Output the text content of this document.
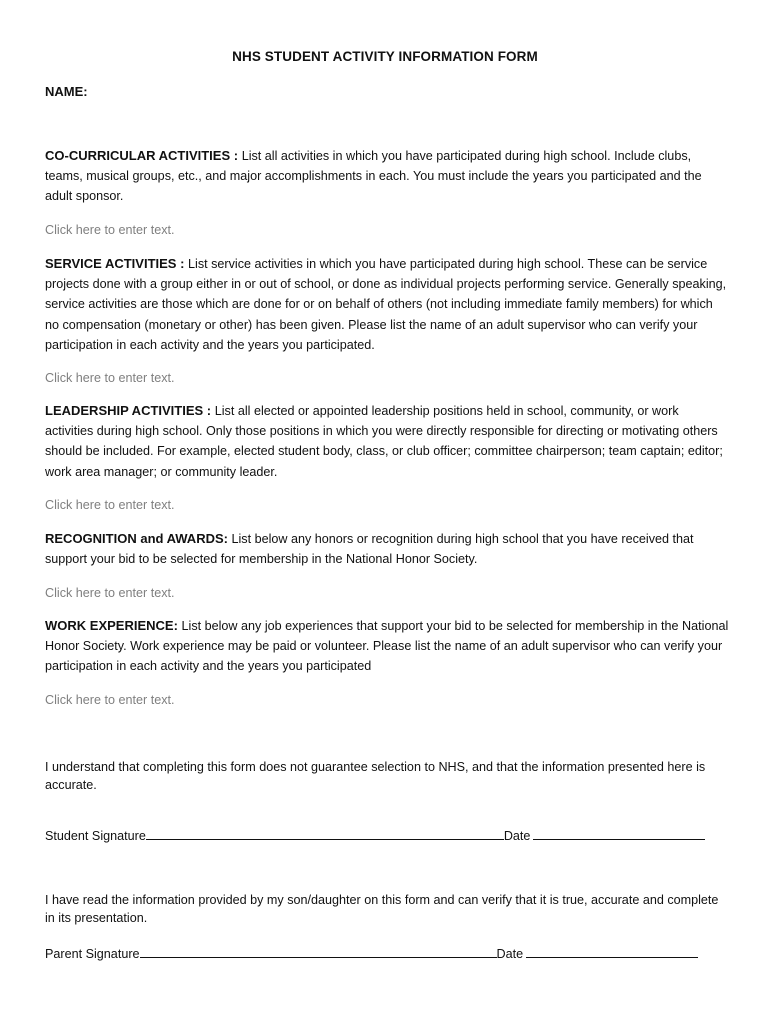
NHS STUDENT ACTIVITY INFORMATION FORM
NAME:

CO-CURRICULAR ACTIVITIES : List all activities in which you have participated during high school. Include clubs, teams, musical groups, etc., and major accomplishments in each. You must include the years you participated and the adult sponsor.

Click here to enter text.

SERVICE ACTIVITIES : List service activities in which you have participated during high school. These can be service projects done with a group either in or out of school, or done as individual projects performing service. Generally speaking, service activities are those which are done for or on behalf of others (not including immediate family members) for which no compensation (monetary or other) has been given. Please list the name of an adult supervisor who can verify your participation in each activity and the years you participated.

Click here to enter text.

LEADERSHIP ACTIVITIES : List all elected or appointed leadership positions held in school, community, or work activities during high school. Only those positions in which you were directly responsible for directing or motivating others should be included. For example, elected student body, class, or club officer; committee chairperson; team captain; editor; work area manager; or community leader.

Click here to enter text.

RECOGNITION and AWARDS: List below any honors or recognition during high school that you have received that support your bid to be selected for membership in the National Honor Society.

Click here to enter text.

WORK EXPERIENCE: List below any job experiences that support your bid to be selected for membership in the National Honor Society. Work experience may be paid or volunteer. Please list the name of an adult supervisor who can verify your participation in each activity and the years you participated

Click here to enter text.

I understand that completing this form does not guarantee selection to NHS, and that the information presented here is accurate.

Student Signature	Date

I have read the information provided by my son/daughter on this form and can verify that it is true, accurate and complete in its presentation.

Parent Signature	Date
